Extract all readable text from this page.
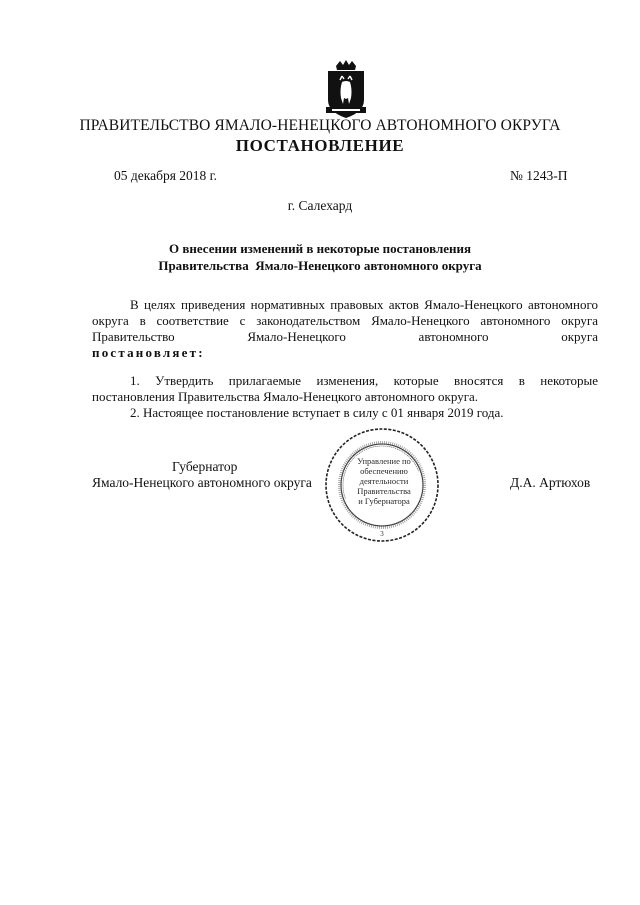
ПРАВИТЕЛЬСТВО ЯМАЛО-НЕНЕЦКОГО АВТОНОМНОГО ОКРУГА
ПОСТАНОВЛЕНИЕ
05 декабря 2018 г.	№ 1243-П
г. Салехард
О внесении изменений в некоторые постановления
Правительства  Ямало-Ненецкого автономного округа
В целях приведения нормативных правовых актов Ямало-Ненецкого автономного округа в соответствие с законодательством Ямало-Ненецкого автономного округа Правительство Ямало-Ненецкого автономного округа
постановляет:
1. Утвердить прилагаемые изменения, которые вносятся в некоторые постановления Правительства Ямало-Ненецкого автономного округа.
2. Настоящее постановление вступает в силу с 01 января 2019 года.
Губернатор
Ямало-Ненецкого автономного округа	Д.А. Артюхов
Управление по
обеспечению
деятельности
Правительства
и Губернатора
3
